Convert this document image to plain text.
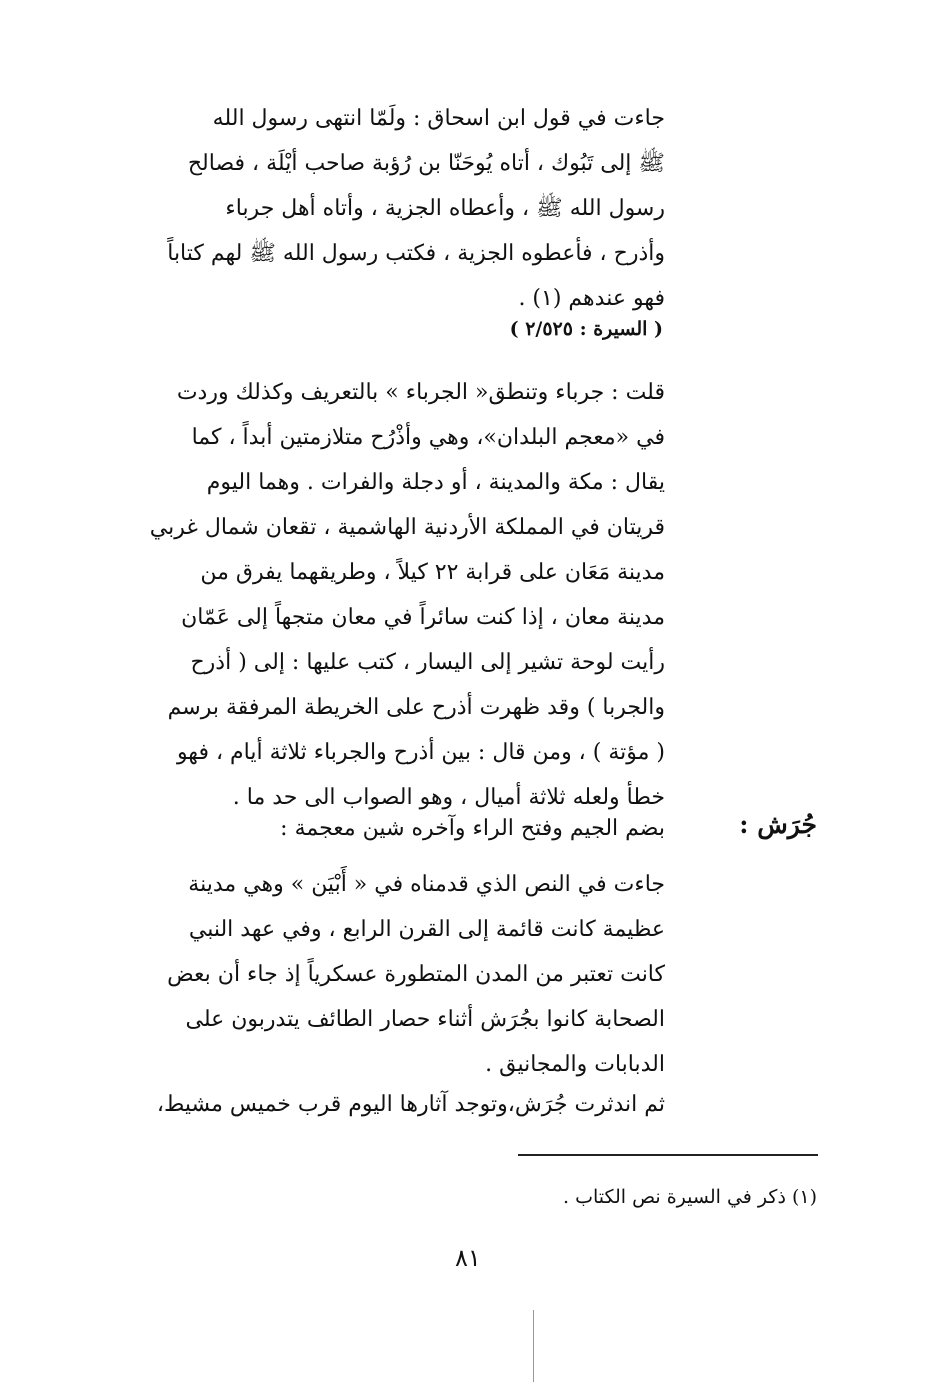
جاءت في قول ابن اسحاق : ولَمّا انتهى رسول الله
ﷺ إلى تَبُوك ، أتاه يُوحَنّا بن رُؤبة صاحب أيْلَة ، فصالح
رسول الله ﷺ ، وأعطاه الجزية ، وأتاه أهل جرباء
وأذرح ، فأعطوه الجزية ، فكتب رسول الله ﷺ لهم كتاباً
فهو عندهم (١) .
( السيرة : ٢/٥٢٥ )
قلت : جرباء وتنطق« الجرباء » بالتعريف وكذلك وردت
في «معجم البلدان»، وهي وأذْرُح متلازمتين أبداً ، كما
يقال : مكة والمدينة ، أو دجلة والفرات . وهما اليوم
قريتان في المملكة الأردنية الهاشمية ، تقعان شمال غربي
مدينة مَعَان على قرابة ٢٢ كيلاً ، وطريقهما يفرق من
مدينة معان ، إذا كنت سائراً في معان متجهاً إلى عَمّان
رأيت لوحة تشير إلى اليسار ، كتب عليها : إلى ( أذرح
والجربا ) وقد ظهرت أذرح على الخريطة المرفقة برسم
( مؤتة ) ، ومن قال : بين أذرح والجرباء ثلاثة أيام ، فهو
خطأ ولعله ثلاثة أميال ، وهو الصواب الى حد ما .
جُرَش :
بضم الجيم وفتح الراء وآخره شين معجمة :
جاءت في النص الذي قدمناه في « أَبْيَن » وهي مدينة
عظيمة كانت قائمة إلى القرن الرابع ، وفي عهد النبي
كانت تعتبر من المدن المتطورة عسكرياً إذ جاء أن بعض
الصحابة كانوا بجُرَش أثناء حصار الطائف يتدربون على
الدبابات والمجانيق .
ثم اندثرت جُرَش،وتوجد آثارها اليوم قرب خميس مشيط،
(١) ذكر في السيرة نص الكتاب .
٨١
